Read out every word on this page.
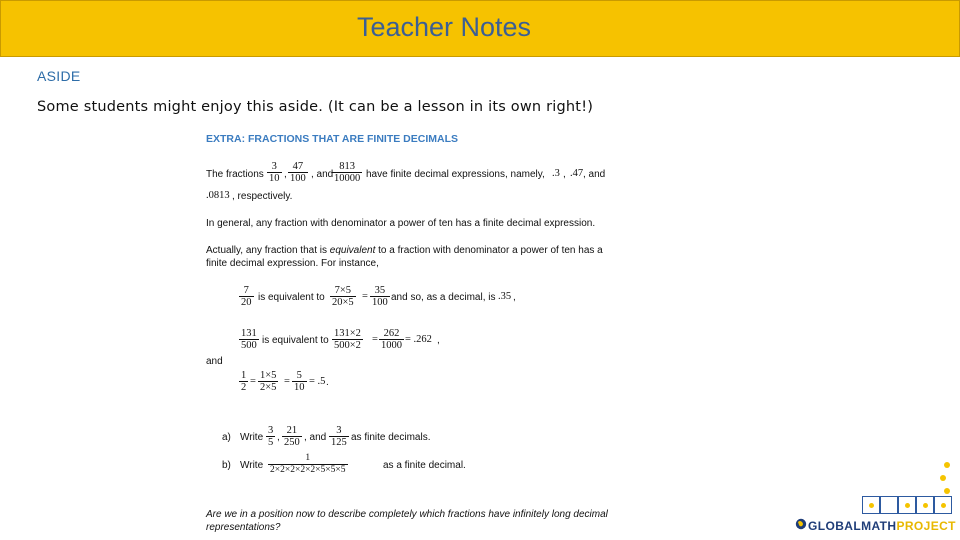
Teacher Notes
ASIDE
Some students might enjoy this aside. (It can be a lesson in its own right!)
EXTRA: FRACTIONS THAT ARE FINITE DECIMALS
The fractions $\frac{3}{10}$ , $\frac{47}{100}$ , and
$\frac{813}{10000}$ have finite decimal expressions, namely, .3 , .47 , and
.0813 , respectively.
In general, any fraction with denominator a power of ten has a finite decimal expression.
Actually, any fraction that is equivalent to a fraction with denominator a power of ten has a
finite decimal expression. For instance,
$\frac{7}{20}$ is equivalent to $\frac{7\times 5}{20\times 5} = \frac{35}{100}$ and so, as a decimal, is .35 ,
$\frac{131}{500}$ is equivalent to $\frac{131\times 2}{500\times 2} = \frac{262}{1000} = .262$ ,
and
$\frac{1}{2} = \frac{1\times 5}{2\times 5} = \frac{5}{10} = .5$ .
a) Write $\frac{3}{5}$ , $\frac{21}{250}$ , and $\frac{3}{125}$ as finite decimals.
b) Write $\frac{1}{2\times 2\times 2\times 2\times 2\times 5\times 5\times 5}$	as a finite decimal.
Are we in a position now to describe completely which fractions have infinitely long decimal
representations?	GLOBALMATHPROJECT
